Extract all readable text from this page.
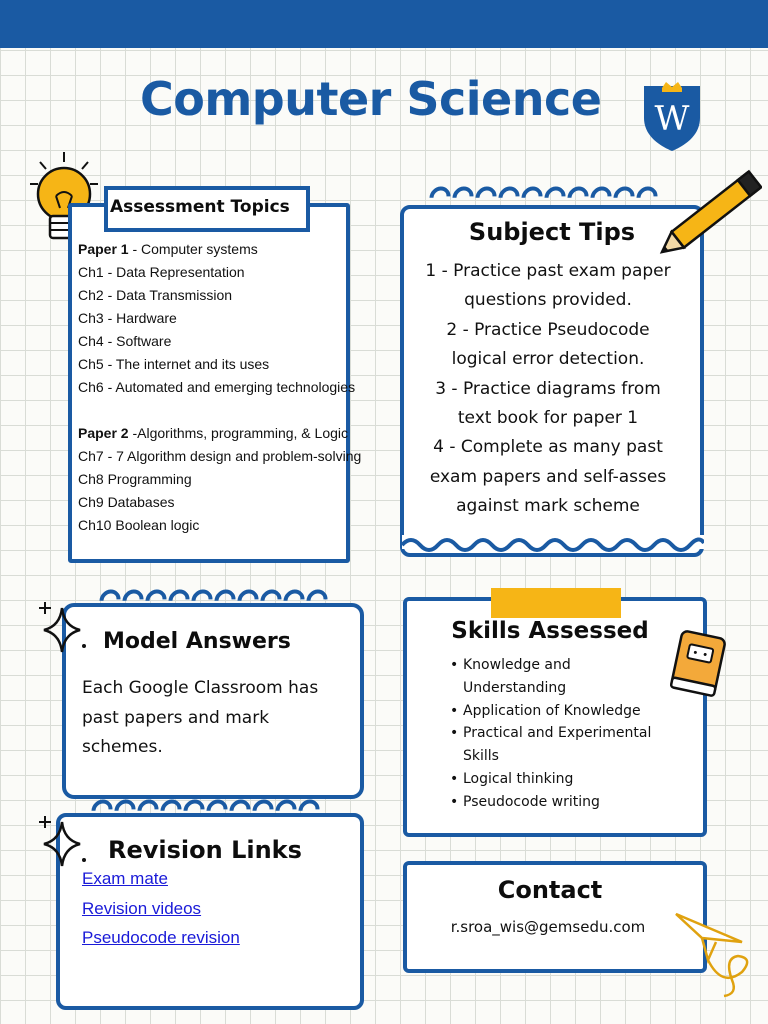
Computer Science	W
Assessment Topics
Paper 1 - Computer systems
Ch1 - Data Representation
Ch2 - Data Transmission
Ch3 - Hardware
Ch4 - Software
Ch5 - The internet and its uses
Ch6 - Automated and emerging technologies
Paper 2 -Algorithms, programming, & Logic
Ch7 - 7 Algorithm design and problem-solving
Ch8 Programming
Ch9 Databases
Ch10 Boolean logic
Subject Tips
1 - Practice past exam paper
questions provided.
2 - Practice Pseudocode
logical error detection.
3 - Practice diagrams from
text book for paper 1
4 - Complete as many past
exam papers and self-asses
against mark scheme
Model Answers
Each Google Classroom has
past papers and mark
schemes.
Skills Assessed
• Knowledge and
Understanding
• Application of Knowledge
• Practical and Experimental
Skills
• Logical thinking
• Pseudocode writing
Revision Links
Exam mate
Revision videos
Pseudocode revision
Contact
r.sroa_wis@gemsedu.com
